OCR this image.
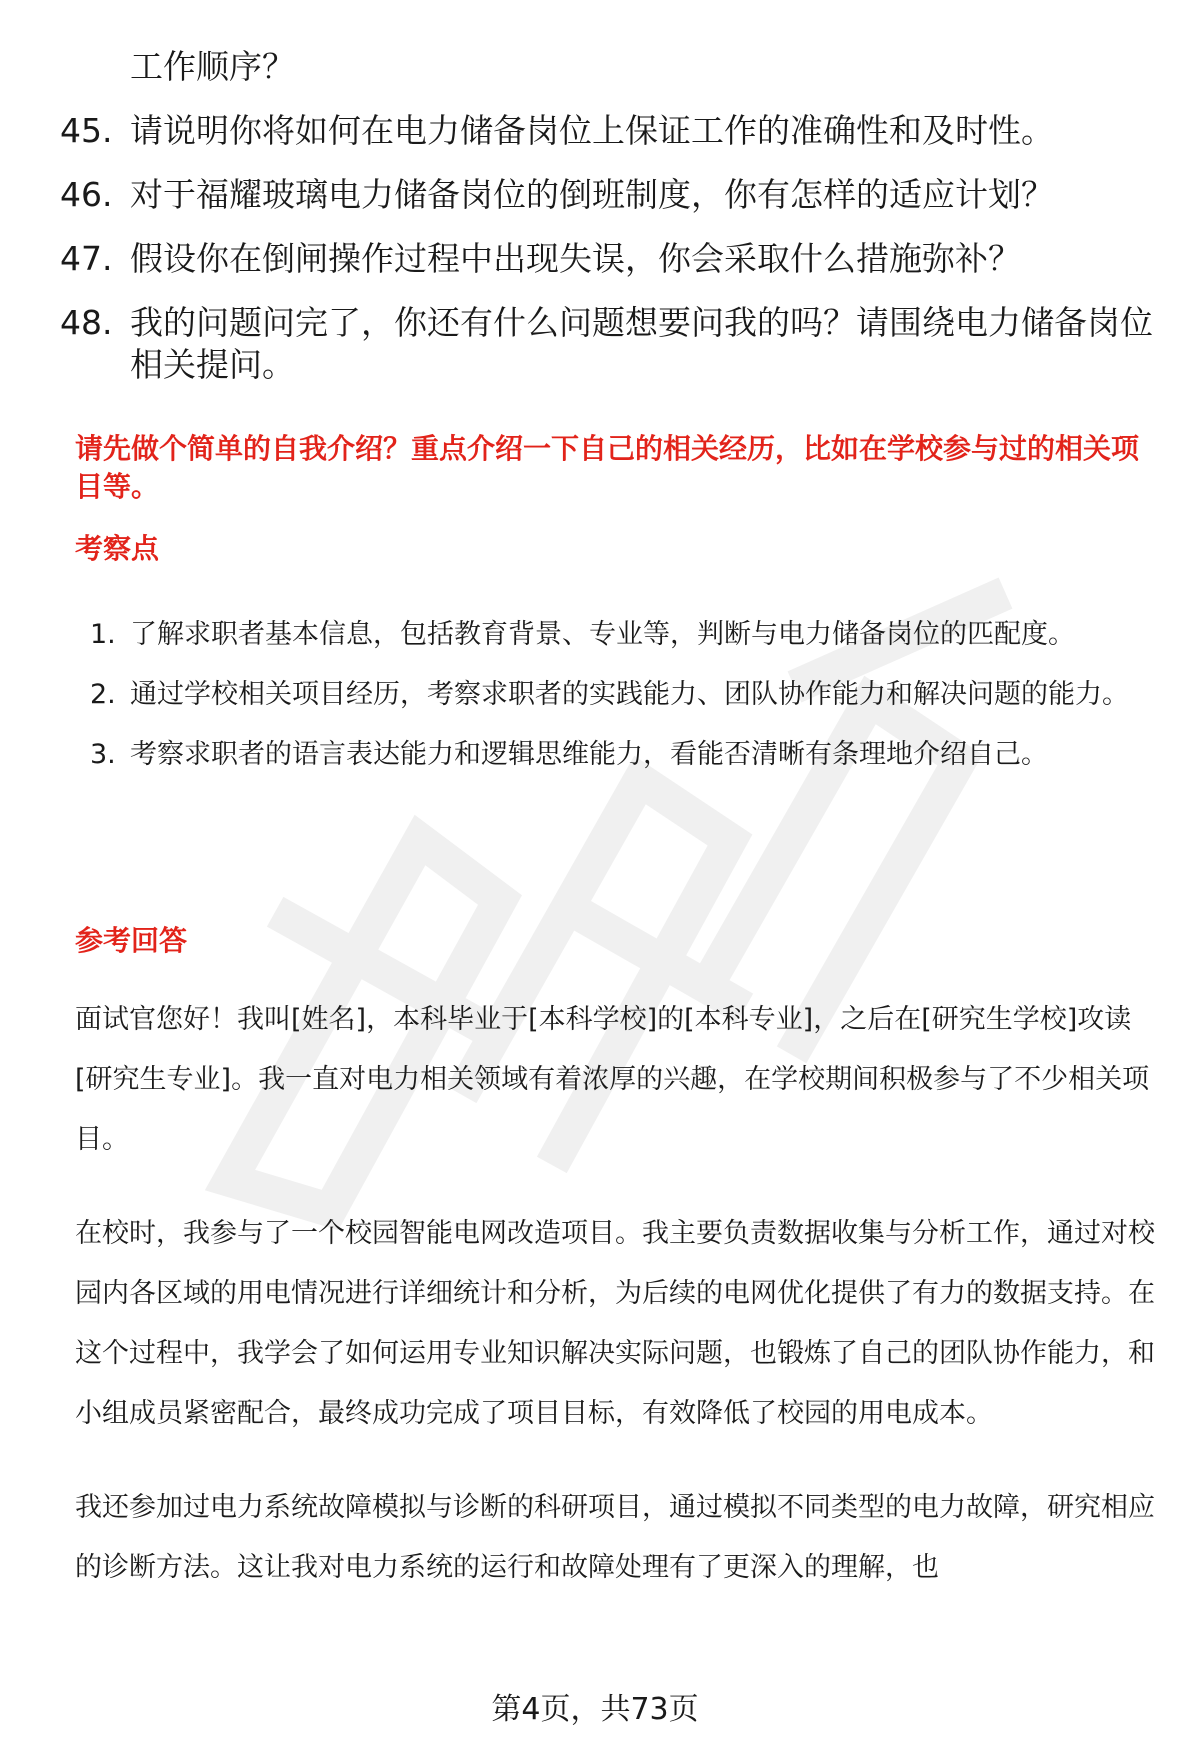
工作顺序？
45. 请说明你将如何在电力储备岗位上保证工作的准确性和及时性。
46. 对于福耀玻璃电力储备岗位的倒班制度，你有怎样的适应计划？
47. 假设你在倒闸操作过程中出现失误，你会采取什么措施弥补？
48. 我的问题问完了，你还有什么问题想要问我的吗？请围绕电力储备岗位相关提问。
请先做个简单的自我介绍？重点介绍一下自己的相关经历，比如在学校参与过的相关项目等。
考察点
1. 了解求职者基本信息，包括教育背景、专业等，判断与电力储备岗位的匹配度。
2. 通过学校相关项目经历，考察求职者的实践能力、团队协作能力和解决问题的能力。
3. 考察求职者的语言表达能力和逻辑思维能力，看能否清晰有条理地介绍自己。
参考回答

面试官您好！我叫[姓名]，本科毕业于[本科学校]的[本科专业]，之后在[研究生学校]攻读[研究生专业]。我一直对电力相关领域有着浓厚的兴趣，在学校期间积极参与了不少相关项目。

在校时，我参与了一个校园智能电网改造项目。我主要负责数据收集与分析工作，通过对校园内各区域的用电情况进行详细统计和分析，为后续的电网优化提供了有力的数据支持。在这个过程中，我学会了如何运用专业知识解决实际问题，也锻炼了自己的团队协作能力，和小组成员紧密配合，最终成功完成了项目目标，有效降低了校园的用电成本。

我还参加过电力系统故障模拟与诊断的科研项目，通过模拟不同类型的电力故障，研究相应的诊断方法。这让我对电力系统的运行和故障处理有了更深入的理解，也

第4页，共73页
